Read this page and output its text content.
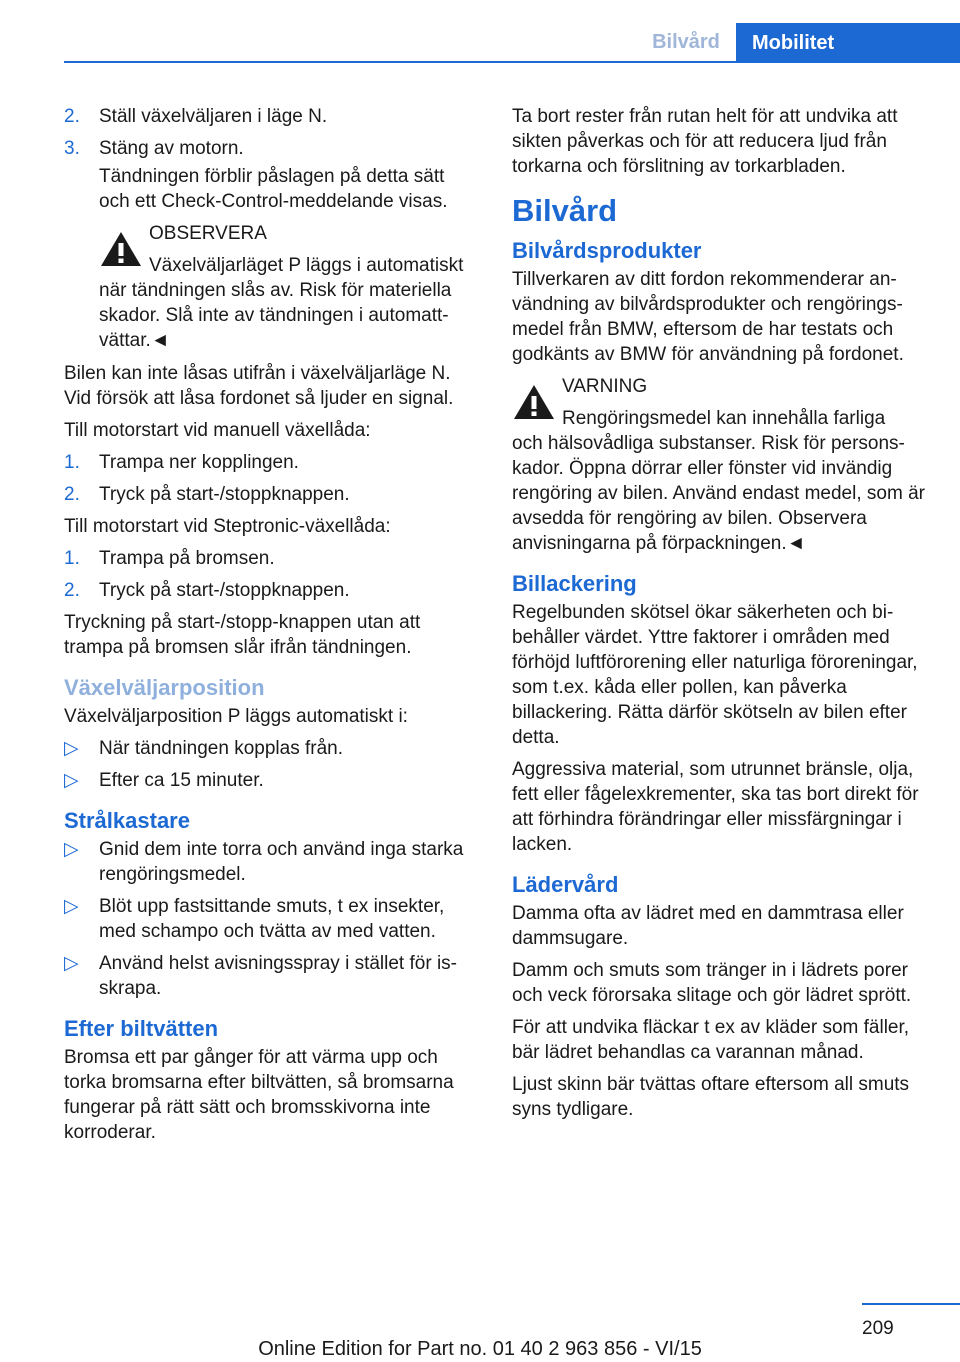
Bilvård	Mobilitet
2.	Ställ växelväljaren i läge N.
3.	Stäng av motorn.

Tändningen förblir påslagen på detta sätt och ett Check-Control-meddelande visas.

OBSERVERA
Växelväljarläget P läggs i automatiskt
när tändningen slås av. Risk för materiella skador. Slå inte av tändningen i automattvättar.◄

Bilen kan inte låsas utifrån i växelväljarläge N. Vid försök att låsa fordonet så ljuder en signal.

Till motorstart vid manuell växellåda:

1.	Trampa ner kopplingen.
2.	Tryck på start-/stoppknappen.

Till motorstart vid Steptronic-växellåda:

1.	Trampa på bromsen.
2.	Tryck på start-/stoppknappen.

Tryckning på start-/stopp-knappen utan att trampa på bromsen slår ifrån tändningen.

Växelväljarposition

Växelväljarposition P läggs automatiskt i:

▷	När tändningen kopplas från.
▷	Efter ca 15 minuter.
Strålkastare
▷	Gnid dem inte torra och använd inga starka rengöringsmedel.
▷	Blöt upp fastsittande smuts, t ex insekter, med schampo och tvätta av med vatten.
▷	Använd helst avisningsspray i stället för isskrapa.
Efter biltvätten

Bromsa ett par gånger för att värma upp och torka bromsarna efter biltvätten, så bromsarna fungerar på rätt sätt och bromsskivorna inte korroderar.

Ta bort rester från rutan helt för att undvika att sikten påverkas och för att reducera ljud från torkarna och förslitning av torkarbladen.

Bilvård
Bilvårdsprodukter

Tillverkaren av ditt fordon rekommenderar användning av bilvårdsprodukter och rengöringsmedel från BMW, eftersom de har testats och godkänts av BMW för användning på fordonet.

VARNING
Rengöringsmedel kan innehålla farliga
och hälsovådliga substanser. Risk för personskador. Öppna dörrar eller fönster vid invändig rengöring av bilen. Använd endast medel, som är avsedda för rengöring av bilen. Observera anvisningarna på förpackningen.◄
Billackering

Regelbunden skötsel ökar säkerheten och bibehåller värdet. Yttre faktorer i områden med förhöjd luftförorening eller naturliga föroreningar, som t.ex. kåda eller pollen, kan påverka billackering. Rätta därför skötseln av bilen efter detta.

Aggressiva material, som utrunnet bränsle, olja, fett eller fågelexkrementer, ska tas bort direkt för att förhindra förändringar eller missfärgningar i lacken.

Lädervård

Damma ofta av lädret med en dammtrasa eller dammsugare.

Damm och smuts som tränger in i lädrets porer och veck förorsaka slitage och gör lädret sprött.

För att undvika fläckar t ex av kläder som fäller, bär lädret behandlas ca varannan månad.

Ljust skinn bär tvättas oftare eftersom all smuts syns tydligare.

209
Online Edition for Part no. 01 40 2 963 856 - VI/15
